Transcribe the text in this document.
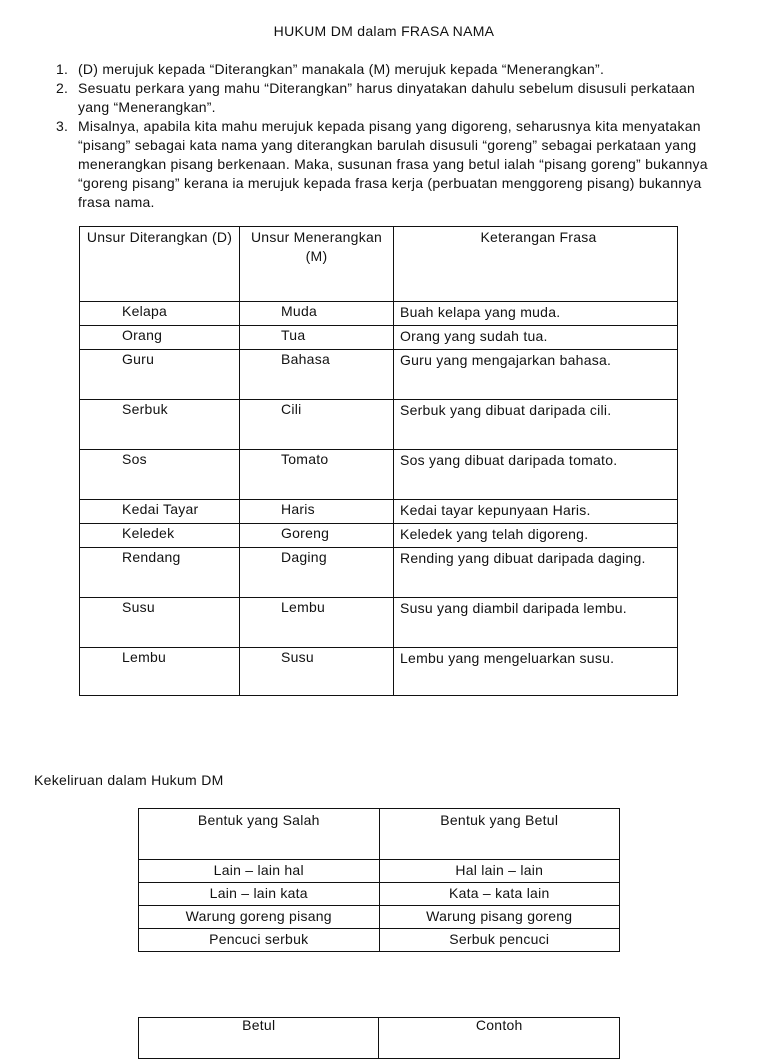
HUKUM DM dalam FRASA NAMA
1. (D) merujuk kepada “Diterangkan” manakala (M) merujuk kepada “Menerangkan”.
2. Sesuatu perkara yang mahu “Diterangkan” harus dinyatakan dahulu sebelum disusuli perkataan yang “Menerangkan”.
3. Misalnya, apabila kita mahu merujuk kepada pisang yang digoreng, seharusnya kita menyatakan “pisang” sebagai kata nama yang diterangkan barulah disusuli “goreng” sebagai perkataan yang menerangkan pisang berkenaan. Maka, susunan frasa yang betul ialah “pisang goreng” bukannya “goreng pisang” kerana ia merujuk kepada frasa kerja (perbuatan menggoreng pisang) bukannya frasa nama.
Unsur Diterangkan (D)	Unsur Menerangkan (M)	Keterangan Frasa
Kelapa	Muda	Buah kelapa yang muda.
Orang	Tua	Orang yang sudah tua.
Guru	Bahasa	Guru yang mengajarkan bahasa.
Serbuk	Cili	Serbuk yang dibuat daripada cili.
Sos	Tomato	Sos yang dibuat daripada tomato.
Kedai Tayar	Haris	Kedai tayar kepunyaan Haris.
Keledek	Goreng	Keledek yang telah digoreng.
Rendang	Daging	Rending yang dibuat daripada daging.
Susu	Lembu	Susu yang diambil daripada lembu.
Lembu	Susu	Lembu yang mengeluarkan susu.
Kekeliruan dalam Hukum DM
Bentuk yang Salah	Bentuk yang Betul
Lain – lain hal	Hal lain – lain
Lain – lain kata	Kata – kata lain
Warung goreng pisang	Warung pisang goreng
Pencuci serbuk	Serbuk pencuci
Betul	Contoh
